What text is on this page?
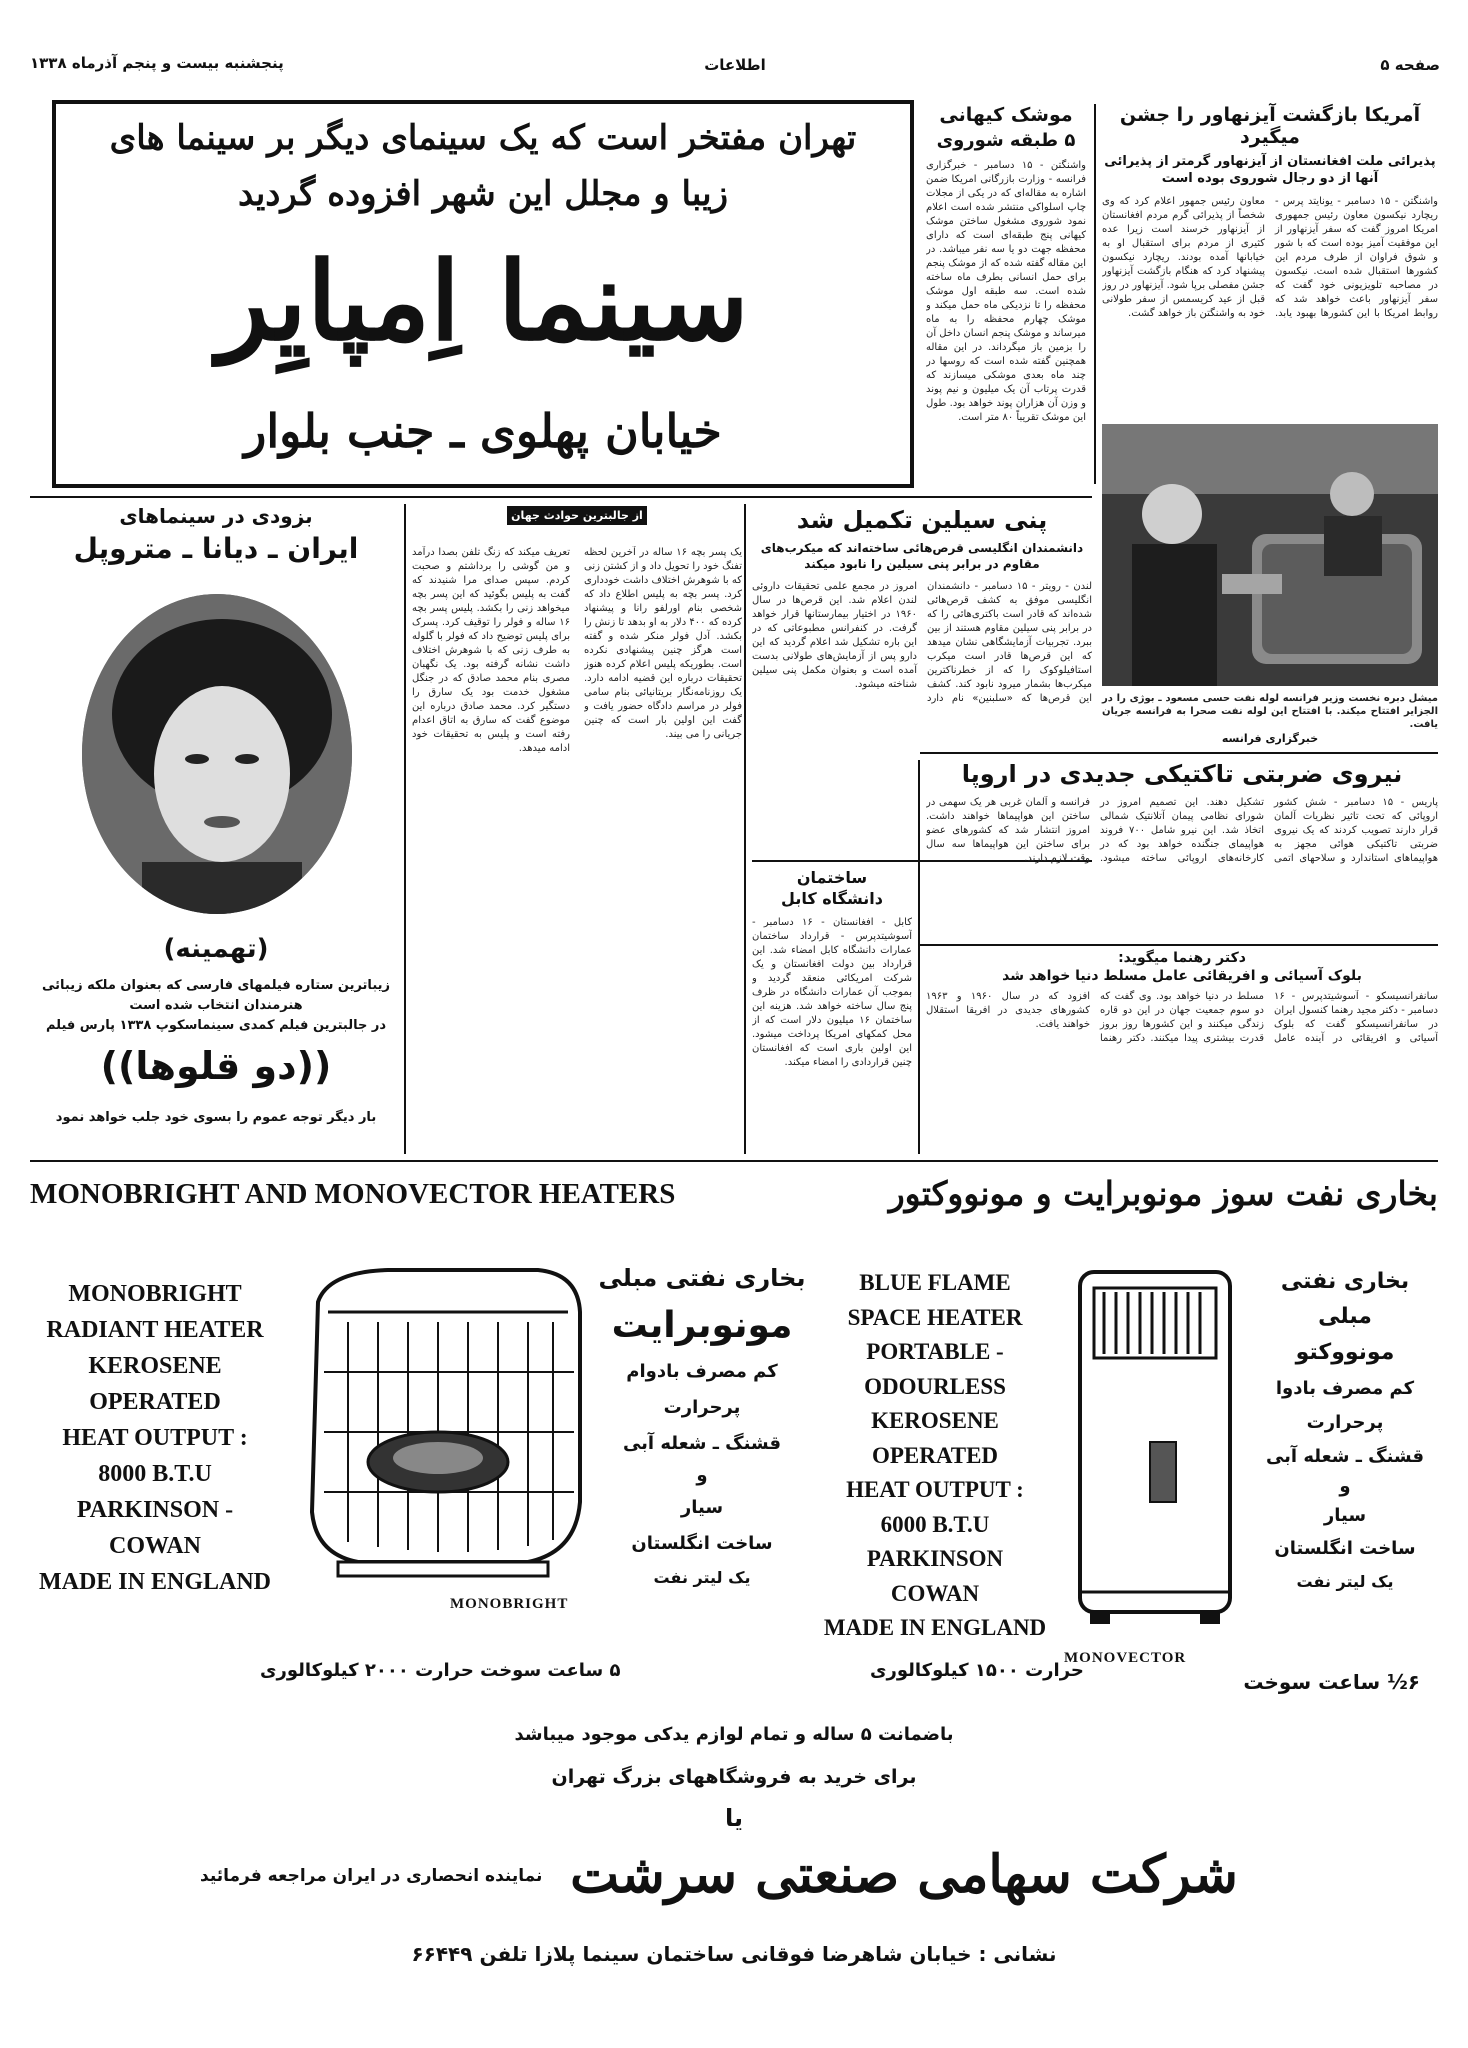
پنجشنبه بیست و پنجم آذرماه ۱۳۳۸	اطلاعات	صفحه ۵
تهران مفتخر است که یک سینمای دیگر بر سینما های
زیبا و مجلل این شهر افزوده گردید
سینما اِمپایِر
خیابان پهلوی ـ جنب بلوار
موشک کیهانی
۵ طبقه شوروی
واشنگتن - ۱۵ دسامبر - خبرگزاری فرانسه - وزارت بازرگانی امریکا ضمن اشاره به مقاله‌ای که در یکی از مجلات چاپ اسلواکی منتشر شده است اعلام نمود شوروی مشغول ساختن موشک کیهانی پنج طبقه‌ای است که دارای محفظه جهت دو یا سه نفر میباشد. در این مقاله گفته شده که از موشک پنجم برای حمل انسانی بطرف ماه ساخته شده است. سه طبقه اول موشک محفظه را تا نزدیکی ماه حمل میکند و موشک چهارم محفظه را به ماه میرساند و موشک پنجم انسان داخل آن را بزمین باز میگرداند. در این مقاله همچنین گفته شده است که روسها در چند ماه بعدی موشکی میسازند که قدرت پرتاب آن یک میلیون و نیم پوند و وزن آن هزاران پوند خواهد بود. طول این موشک تقریباً ۸۰ متر است.
آمریکا بازگشت آیزنهاور را جشن میگیرد
پذیرائی ملت افغانستان از آیزنهاور گرمتر از پذیرائی آنها از دو رجال شوروی بوده است
واشنگتن - ۱۵ دسامبر - یونایتد پرس - ریچارد نیکسون معاون رئیس جمهوری امریکا امروز گفت که سفر آیزنهاور از این موفقیت آمیز بوده است که با شور و شوق فراوان از طرف مردم این کشورها استقبال شده است. نیکسون در مصاحبه تلویزیونی خود گفت که سفر آیزنهاور باعث خواهد شد که روابط امریکا با این کشورها بهبود یابد. معاون رئیس جمهور اعلام کرد که وی شخصاً از پذیرائی گرم مردم افغانستان از آیزنهاور خرسند است زیرا عده کثیری از مردم برای استقبال او به خیابانها آمده بودند. ریچارد نیکسون پیشنهاد کرد که هنگام بازگشت آیزنهاور جشن مفصلی برپا شود. آیزنهاور در روز قبل از عید کریسمس از سفر طولانی خود به واشنگتن باز خواهد گشت.
میشل دبره نخست وزیر فرانسه لوله نفت حسی مسعود ـ بوژی را در الجزایر افتتاح میکند. با افتتاح این لوله نفت صحرا به فرانسه جریان یافت.
خبرگزاری فرانسه
بزودی در سینماهای
ایران ـ دیانا ـ متروپل
(تهمینه)
زیباترین ستاره فیلمهای فارسی که بعنوان ملکه زیبائی
هنرمندان انتخاب شده است
در جالبترین فیلم کمدی سینماسکوپ ۱۳۳۸ پارس فیلم
((دو قلوها))
بار دیگر توجه عموم را بسوی خود جلب خواهد نمود
از جالبترین حوادث جهان
یک پسر بچه ۱۶ ساله در آخرین لحظه تفنگ خود را تحویل داد و از کشتن زنی که با شوهرش اختلاف داشت خودداری کرد. پسر بچه به پلیس اطلاع داد که شخصی بنام اورلفو رانا و پیشنهاد کرده که ۴۰۰ دلار به او بدهد تا زنش را بکشد. آدل فولر منکر شده و گفته است هرگز چنین پیشنهادی نکرده است. بطوریکه پلیس اعلام کرده هنوز تحقیقات درباره این قضیه ادامه دارد. یک روزنامه‌نگار بریتانیائی بنام سامی فولر در مراسم دادگاه حضور یافت و گفت این اولین بار است که چنین جریانی را می بیند.
تعریف میکند که زنگ تلفن بصدا درآمد و من گوشی را برداشتم و صحبت کردم. سپس صدای مرا شنیدند که گفت به پلیس بگوئید که این پسر بچه میخواهد زنی را بکشد. پلیس پسر بچه ۱۶ ساله و فولر را توقیف کرد. پسرک برای پلیس توضیح داد که فولر با گلوله به طرف زنی که با شوهرش اختلاف داشت نشانه گرفته بود. یک نگهبان مصری بنام محمد صادق که در جنگل مشغول خدمت بود یک سارق را دستگیر کرد. محمد صادق درباره این موضوع گفت که سارق به اتاق اعدام رفته است و پلیس به تحقیقات خود ادامه میدهد.
پنی سیلین تکمیل شد
دانشمندان انگلیسی قرص‌هائی ساخته‌اند که میکرب‌های مقاوم در برابر پنی سیلین را نابود میکند
لندن - رویتر - ۱۵ دسامبر - دانشمندان انگلیسی موفق به کشف قرص‌هائی شده‌اند که قادر است باکتری‌هائی را که در برابر پنی سیلین مقاوم هستند از بین ببرد. تجربیات آزمایشگاهی نشان میدهد که این قرص‌ها قادر است میکرب استافیلوکوک را که از خطرناکترین میکرب‌ها بشمار میرود نابود کند. کشف این قرص‌ها که «سلبنین» نام دارد امروز در مجمع علمی تحقیقات داروئی لندن اعلام شد. این قرص‌ها در سال ۱۹۶۰ در اختیار بیمارستانها قرار خواهد گرفت. در کنفرانس مطبوعاتی که در این باره تشکیل شد اعلام گردید که این دارو پس از آزمایش‌های طولانی بدست آمده است و بعنوان مکمل پنی سیلین شناخته میشود.
ساختمان
دانشگاه کابل
کابل - افغانستان - ۱۶ دسامبر - آسوشیتدپرس - قرارداد ساختمان عمارات دانشگاه کابل امضاء شد. این قرارداد بین دولت افغانستان و یک شرکت امریکائی منعقد گردید و بموجب آن عمارات دانشگاه در ظرف پنج سال ساخته خواهد شد. هزینه این ساختمان ۱۶ میلیون دلار است که از محل کمکهای امریکا پرداخت میشود. این اولین باری است که افغانستان چنین قراردادی را امضاء میکند.
نیروی ضربتی تاکتیکی جدیدی در اروپا
پاریس - ۱۵ دسامبر - شش کشور اروپائی که تحت تاثیر نظریات آلمان قرار دارند تصویب کردند که یک نیروی ضربتی تاکتیکی هوائی مجهز به هواپیماهای استاندارد و سلاحهای اتمی تشکیل دهند. این تصمیم امروز در شورای نظامی پیمان آتلانتیک شمالی اتخاذ شد. این نیرو شامل ۷۰۰ فروند هواپیمای جنگنده خواهد بود که در کارخانه‌های اروپائی ساخته میشود. فرانسه و آلمان غربی هر یک سهمی در ساختن این هواپیماها خواهند داشت. امروز انتشار شد که کشورهای عضو برای ساختن این هواپیماها سه سال وقت لازم دارند.
دکتر رهنما میگوید:
بلوک آسیائی و افریقائی عامل مسلط دنیا خواهد شد
سانفرانسیسکو - آسوشیتدپرس - ۱۶ دسامبر - دکتر مجید رهنما کنسول ایران در سانفرانسیسکو گفت که بلوک آسیائی و افریقائی در آینده عامل مسلط در دنیا خواهد بود. وی گفت که دو سوم جمعیت جهان در این دو قاره زندگی میکنند و این کشورها روز بروز قدرت بیشتری پیدا میکنند. دکتر رهنما افزود که در سال ۱۹۶۰ و ۱۹۶۳ کشورهای جدیدی در افریقا استقلال خواهند یافت.
MONOBRIGHT AND MONOVECTOR HEATERS	بخاری نفت سوز مونوبرایت و مونووکتور
MONOBRIGHT
RADIANT HEATER
KEROSENE
OPERATED
HEAT OUTPUT :
8000 B.T.U
PARKINSON -
COWAN
MADE IN ENGLAND
MONOBRIGHT
بخاری نفتی مبلی
مونوبرایت
کم مصرف بادوام
پرحرارت
قشنگ ـ شعله آبی
و
سیار
ساخت انگلستان
یک لیتر نفت
BLUE FLAME
SPACE HEATER
PORTABLE -
ODOURLESS
KEROSENE
OPERATED
HEAT OUTPUT :
6000 B.T.U
PARKINSON
COWAN
MADE IN ENGLAND
MONOVECTOR
بخاری نفتی
مبلی
مونووکتو
کم مصرف بادوا
پرحرارت
قشنگ ـ شعله آبی
و
سیار
ساخت انگلستان
یک لیتر نفت
۵ ساعت سوخت حرارت ۲۰۰۰ کیلوکالوری	حرارت ۱۵۰۰ کیلوکالوری	۶½ ساعت سوخت
باضمانت ۵ ساله و تمام لوازم یدکی موجود میباشد
برای خرید به فروشگاههای بزرگ تهران
یا
شرکت سهامی صنعتی سرشت
نماینده انحصاری در ایران مراجعه فرمائید
نشانی : خیابان شاهرضا فوقانی ساختمان سینما پلازا تلفن ۶۶۴۴۹
